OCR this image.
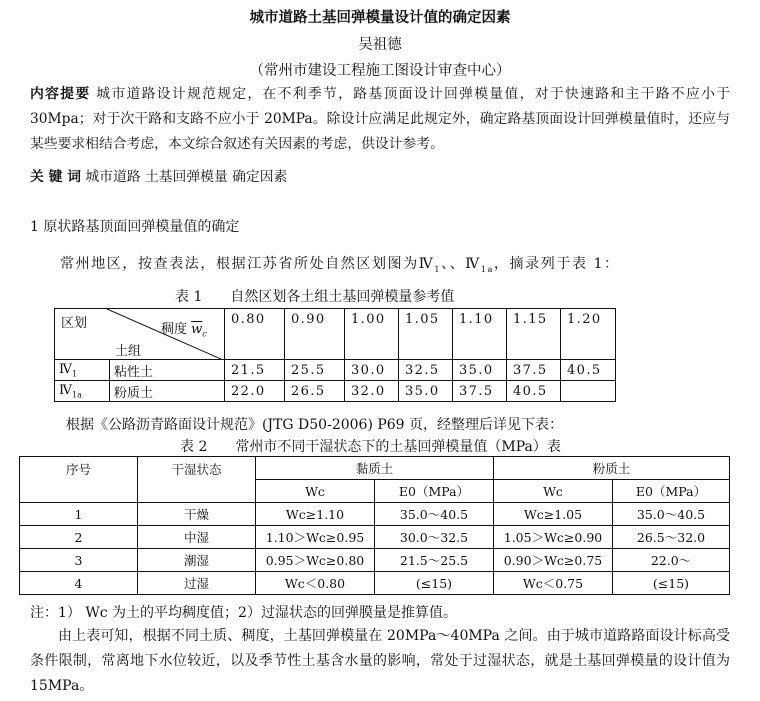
城市道路土基回弹模量设计值的确定因素
吴祖德
（常州市建设工程施工图设计审查中心）
内容提要 城市道路设计规范规定，在不利季节，路基顶面设计回弹模量值，对于快速路和主干路不应小于 30Mpa；对于次干路和支路不应小于 20MPa。除设计应满足此规定外，确定路基顶面设计回弹模量值时，还应与某些要求相结合考虑，本文综合叙述有关因素的考虑，供设计参考。
关 键 词 城市道路 土基回弹模量 确定因素
1 原状路基顶面回弹模量值的确定
常州地区，按查表法，根据江苏省所处自然区划图为$Ⅳ_1$、、$Ⅳ_{1a}$，摘录列于表 1：
表 1　　自然区划各土组土基回弹模量参考值
区划 稠度 $\overline{w}_c$
土组		0.80	0.90	1.00	1.05	1.10	1.15	1.20

$Ⅳ_1$	粘性土	21.5	25.5	30.0	32.5	35.0	37.5	40.5
$Ⅳ_{1a}$	粉质土	22.0	26.5	32.0	35.0	37.5	40.5	
根据《公路沥青路面设计规范》(JTG D50-2006) P69 页，经整理后详见下表：
表 2　　常州市不同干湿状态下的土基回弹模量值（MPa）表
序号	干湿状态	黏质土		粉质土	
		Wc	E0（MPa）	Wc	E0（MPa）
1	干燥	Wc≥1.10	35.0～40.5	Wc≥1.05	35.0～40.5
2	中湿	1.10＞Wc≥0.95	30.0～32.5	1.05＞Wc≥0.90	26.5～32.0
3	潮湿	0.95＞Wc≥0.80	21.5～25.5	0.90＞Wc≥0.75	22.0～
4	过湿	Wc＜0.80	(≤15)	Wc＜0.75	(≤15)
注：1） Wc 为土的平均稠度值；2）过湿状态的回弹膜量是推算值。
由上表可知，根据不同土质、稠度，土基回弹模量在 20MPa～40MPa 之间。由于城市道路路面设计标高受条件限制，常离地下水位较近，以及季节性土基含水量的影响，常处于过湿状态，就是土基回弹模量的设计值为 15MPa。
